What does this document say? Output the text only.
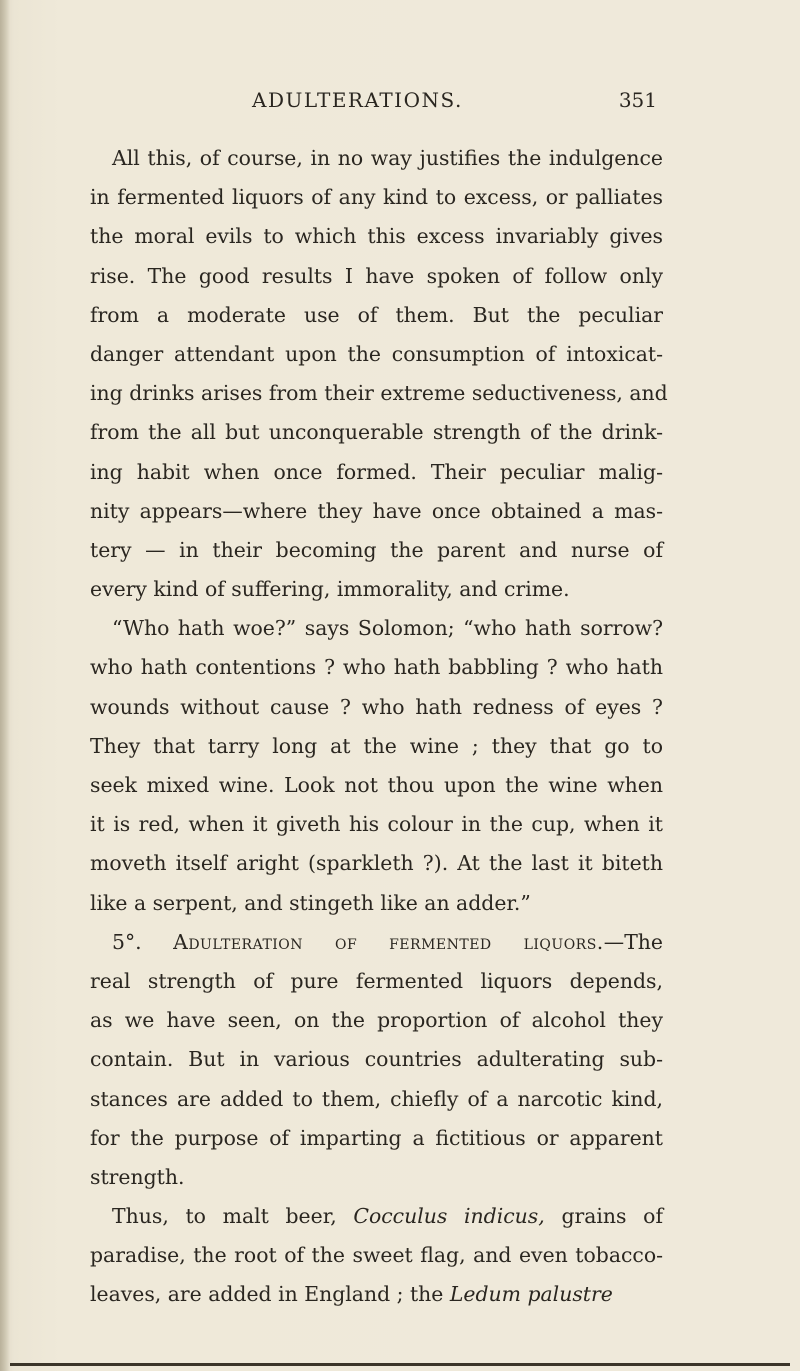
ADULTERATIONS.	351
All this, of course, in no way justifies the indulgence
in fermented liquors of any kind to excess, or palliates
the moral evils to which this excess invariably gives
rise. The good results I have spoken of follow only
from a moderate use of them. But the peculiar
danger attendant upon the consumption of intoxicat-
ing drinks arises from their extreme seductiveness, and
from the all but unconquerable strength of the drink-
ing habit when once formed. Their peculiar malig-
nity appears—where they have once obtained a mas-
tery — in their becoming the parent and nurse of
every kind of suffering, immorality, and crime.
“Who hath woe?” says Solomon; “who hath sorrow?
who hath contentions ? who hath babbling ? who hath
wounds without cause ? who hath redness of eyes ?
They that tarry long at the wine ; they that go to
seek mixed wine. Look not thou upon the wine when
it is red, when it giveth his colour in the cup, when it
moveth itself aright (sparkleth ?). At the last it biteth
like a serpent, and stingeth like an adder.”
5°. Adulteration of fermented liquors.—The
real strength of pure fermented liquors depends,
as we have seen, on the proportion of alcohol they
contain. But in various countries adulterating sub-
stances are added to them, chiefly of a narcotic kind,
for the purpose of imparting a fictitious or apparent
strength.
Thus, to malt beer, Cocculus indicus, grains of
paradise, the root of the sweet flag, and even tobacco-
leaves, are added in England ; the Ledum palustre
